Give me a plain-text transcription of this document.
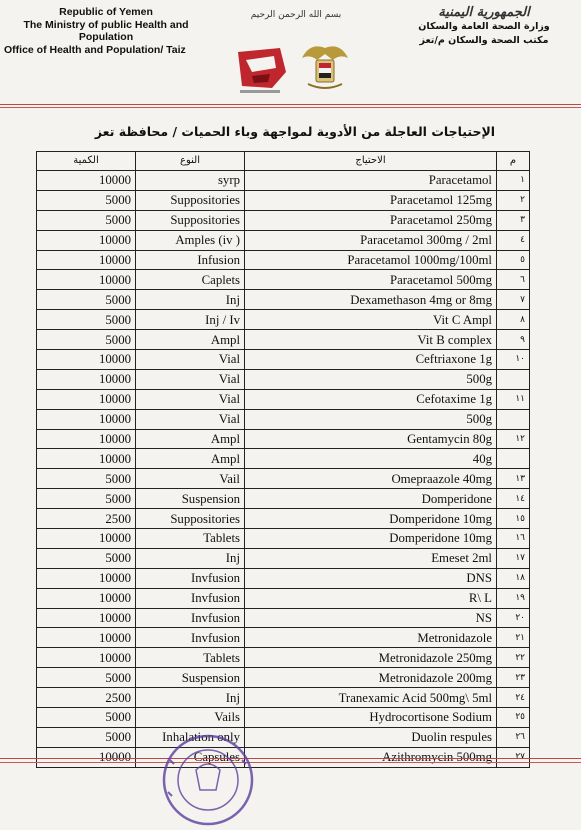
Republic of Yemen
The Ministry of public Health and
Population
Office of Health and Population/ Taiz
بسم الله الرحمن الرحيم	الجمهورية اليمنية
وزارة الصحة العامة والسكان
مكتب الصحة والسكان م/تعز
الإحتياجات العاجلة من الأدوية لمواجهة وباء الحميات / محافظة تعز
الكمية	النوع	الاحتياج	م
10000	syrp	Paracetamol	١
5000	Suppositories	Paracetamol 125mg	٢
5000	Suppositories	Paracetamol 250mg	٣
10000	Amples (iv )	Paracetamol 300mg / 2ml	٤
10000	Infusion	Paracetamol 1000mg/100ml	٥
10000	Caplets	Paracetamol 500mg	٦
5000	Inj	Dexamethason 4mg or 8mg	٧
5000	Inj / Iv	Vit C Ampl	٨
5000	Ampl	Vit B complex	٩
10000	Vial	Ceftriaxone 1g	١٠
10000	Vial	500g	
10000	Vial	Cefotaxime 1g	١١
10000	Vial	500g	
10000	Ampl	Gentamycin 80g	١٢
10000	Ampl	40g	
5000	Vail	Omepraazole 40mg	١٣
5000	Suspension	Domperidone	١٤
2500	Suppositories	Domperidone 10mg	١٥
10000	Tablets	Domperidone 10mg	١٦
5000	Inj	Emeset 2ml	١٧
10000	Invfusion	DNS	١٨
10000	Invfusion	R\ L	١٩
10000	Invfusion	NS	٢٠
10000	Invfusion	Metronidazole	٢١
10000	Tablets	Metronidazole 250mg	٢٢
5000	Suspension	Metronidazole 200mg	٢٣
2500	Inj	Tranexamic Acid 500mg\ 5ml	٢٤
5000	Vails	Hydrocortisone Sodium	٢٥
5000	Inhalation only	Duolin respules	٢٦
10000	Capsules	Azithromycin 500mg	٢٧
